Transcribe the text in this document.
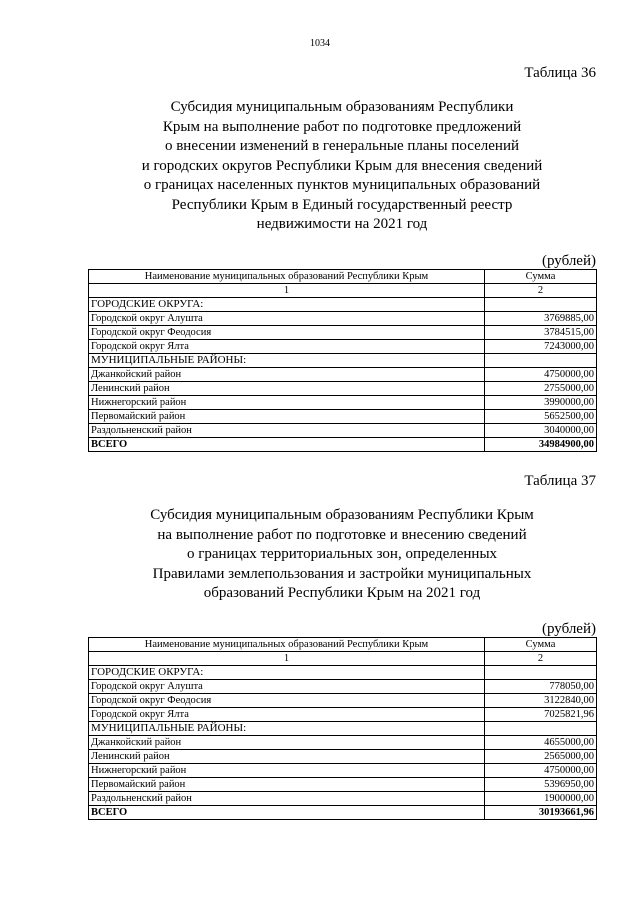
1034
Таблица 36
Субсидия муниципальным образованиям Республики
Крым на выполнение работ по подготовке предложений
о внесении изменений в генеральные планы поселений
и городских округов Республики Крым для внесения сведений
о границах населенных пунктов муниципальных образований
Республики Крым в Единый государственный реестр
недвижимости на 2021 год
(рублей)
Наименование муниципальных образований Республики Крым	Сумма
1	2
ГОРОДСКИЕ ОКРУГА:	
Городской округ Алушта	3769885,00
Городской округ Феодосия	3784515,00
Городской округ Ялта	7243000,00
МУНИЦИПАЛЬНЫЕ РАЙОНЫ:	
Джанкойский район	4750000,00
Ленинский район	2755000,00
Нижнегорский район	3990000,00
Первомайский район	5652500,00
Раздольненский район	3040000,00
ВСЕГО	34984900,00
Таблица 37
Субсидия муниципальным образованиям Республики Крым
на выполнение работ по подготовке и внесению сведений
о границах территориальных зон, определенных
Правилами землепользования и застройки муниципальных
образований Республики Крым на 2021 год
(рублей)
Наименование муниципальных образований Республики Крым	Сумма
1	2
ГОРОДСКИЕ ОКРУГА:	
Городской округ Алушта	778050,00
Городской округ Феодосия	3122840,00
Городской округ Ялта	7025821,96
МУНИЦИПАЛЬНЫЕ РАЙОНЫ:	
Джанкойский район	4655000,00
Ленинский район	2565000,00
Нижнегорский район	4750000,00
Первомайский район	5396950,00
Раздольненский район	1900000,00
ВСЕГО	30193661,96
